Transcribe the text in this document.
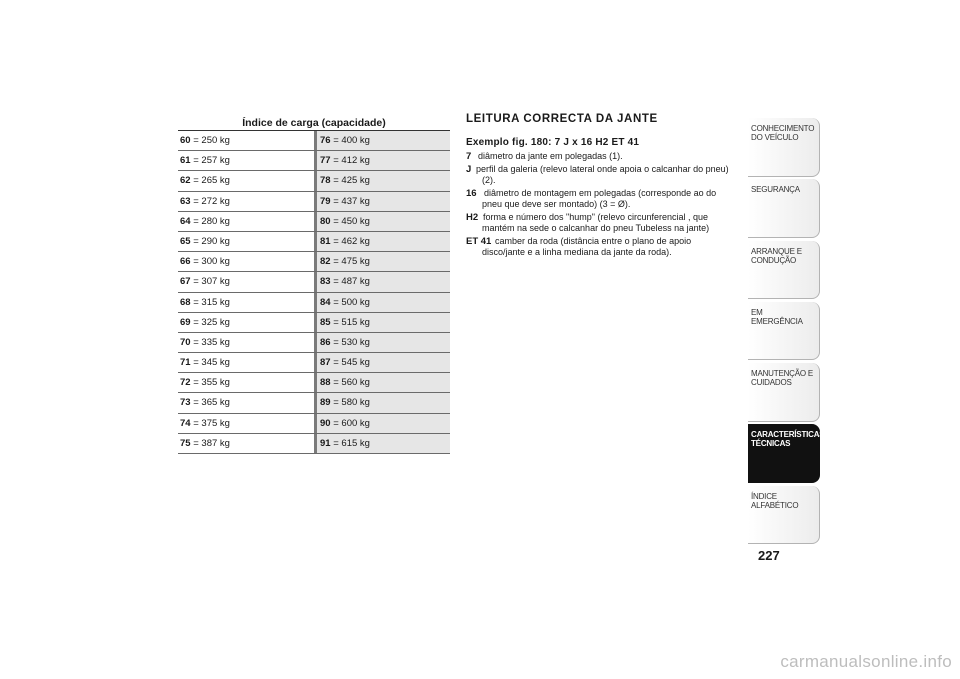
Índice de carga (capacidade)
60 = 250 kg	76 = 400 kg
61 = 257 kg	77 = 412 kg
62 = 265 kg	78 = 425 kg
63 = 272 kg	79 = 437 kg
64 = 280 kg	80 = 450 kg
65 = 290 kg	81 = 462 kg
66 = 300 kg	82 = 475 kg
67 = 307 kg	83 = 487 kg
68 = 315 kg	84 = 500 kg
69 = 325 kg	85 = 515 kg
70 = 335 kg	86 = 530 kg
71 = 345 kg	87 = 545 kg
72 = 355 kg	88 = 560 kg
73 = 365 kg	89 = 580 kg
74 = 375 kg	90 = 600 kg
75 = 387 kg	91 = 615 kg
LEITURA CORRECTA DA JANTE
Exemplo fig. 180: 7 J x 16 H2 ET 41
7 diâmetro da jante em polegadas (1).
J perfil da galeria (relevo lateral onde apoia o calcanhar do pneu) (2).
16 diâmetro de montagem em polegadas (corresponde ao do pneu que deve ser montado) (3 = Ø).
H2 forma e número dos "hump" (relevo circunferencial , que mantém na sede o calcanhar do pneu Tubeless na jante)
ET 41 camber da roda (distância entre o plano de apoio disco/jante e a linha mediana da jante da roda).
CONHECIMENTO DO VEÍCULO
SEGURANÇA
ARRANQUE E CONDUÇÃO
EM EMERGÊNCIA
MANUTENÇÃO E CUIDADOS
CARACTERÍSTICAS TÉCNICAS
ÍNDICE ALFABÉTICO
227
carmanualsonline.info
